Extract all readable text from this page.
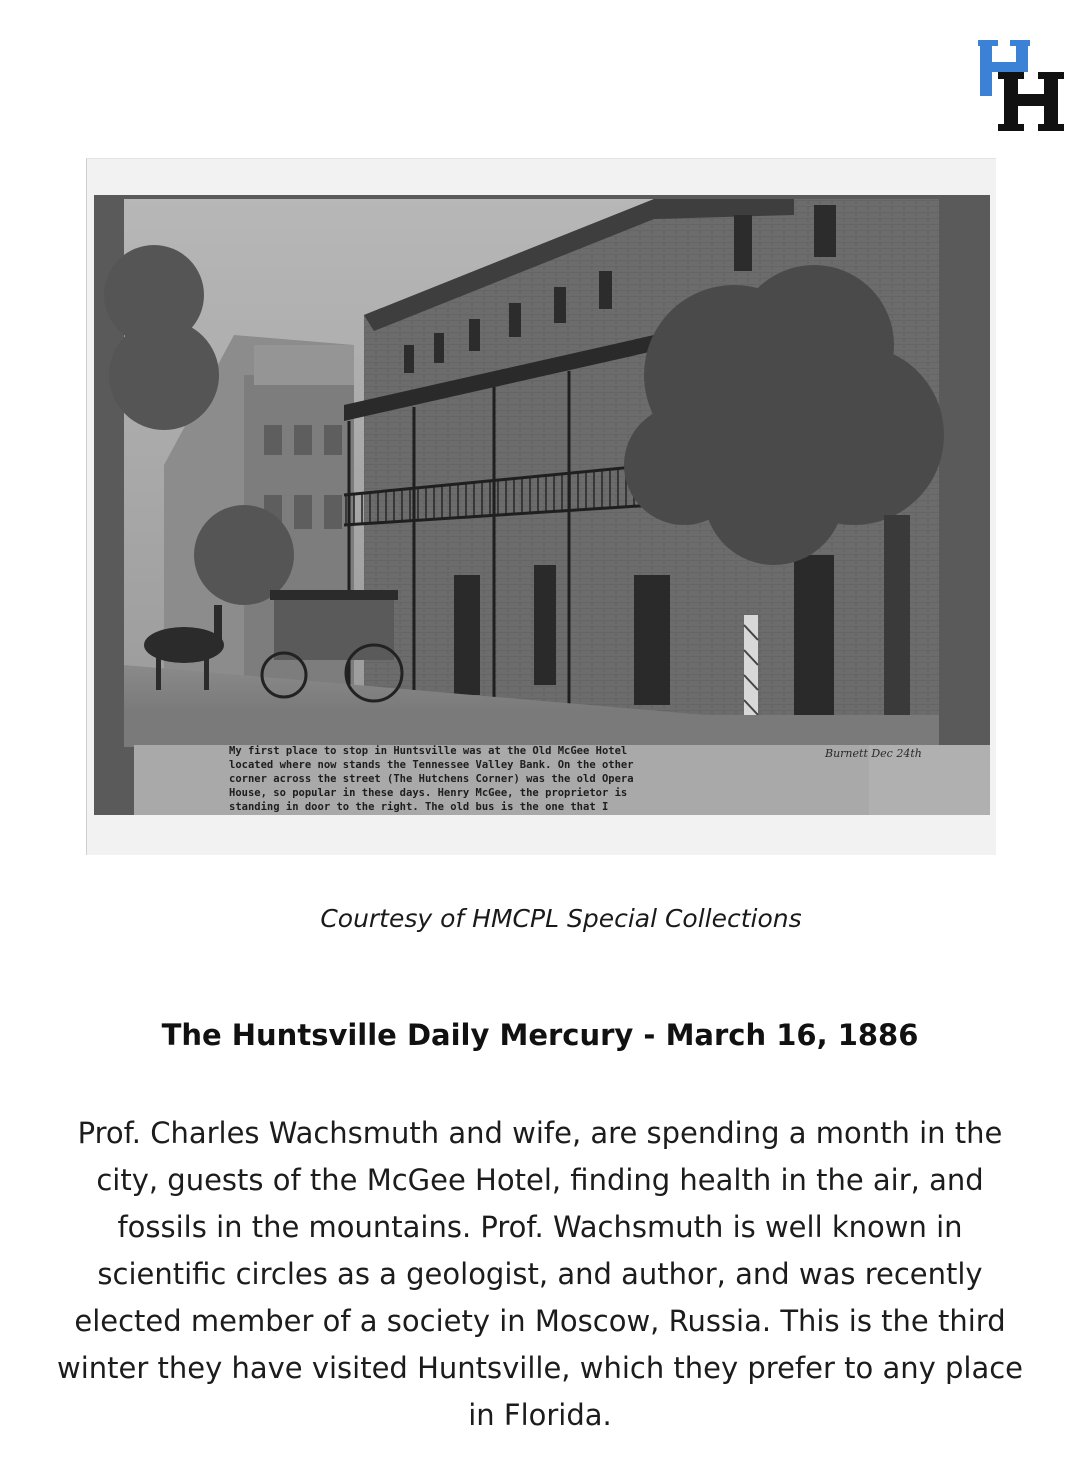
My first place to stop in Huntsville was at the Old McGee Hotel
located where now stands the Tennessee Valley Bank. On the other
corner across the street (The Hutchens Corner) was the old Opera
House, so popular in these days. Henry McGee, the proprietor is
standing in door to the right. The old bus is the one that I
Burnett Dec 24th
Courtesy of HMCPL Special Collections
The Huntsville Daily Mercury - March 16, 1886
Prof. Charles Wachsmuth and wife, are spending a month in the city, guests of the McGee Hotel, finding health in the air, and fossils in the mountains. Prof. Wachsmuth is well known in scientific circles as a geologist, and author, and was recently elected member of a society in Moscow, Russia. This is the third winter they have visited Huntsville, which they prefer to any place in Florida.
